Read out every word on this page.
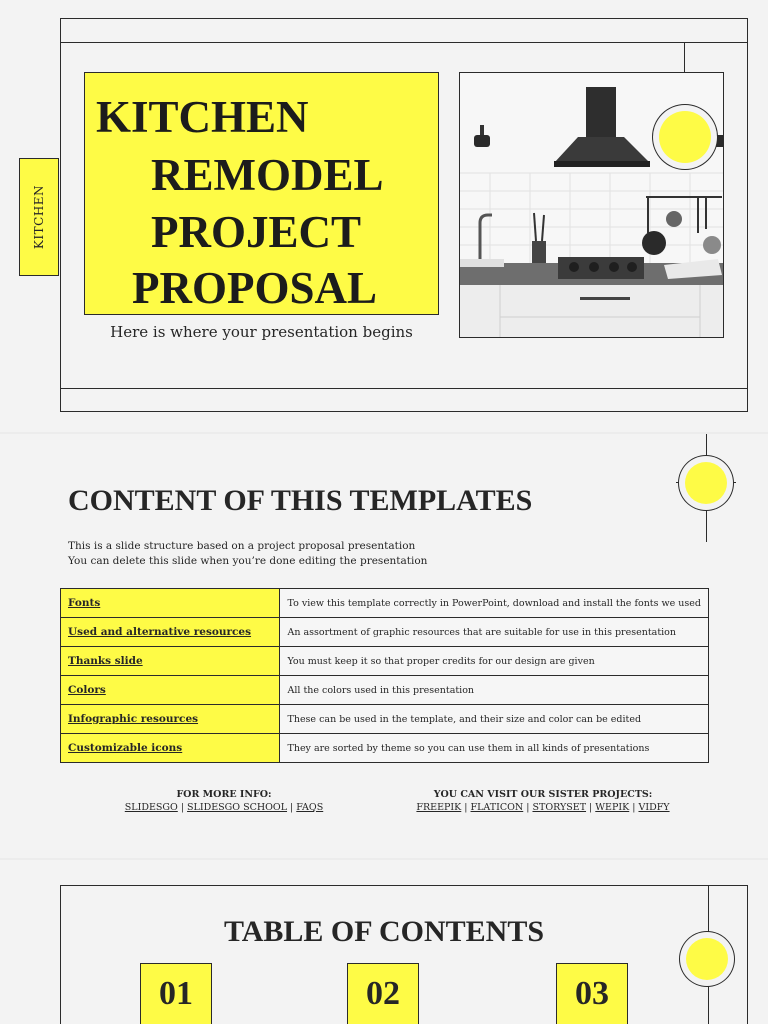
KITCHEN
KITCHEN
REMODEL
PROJECT
PROPOSAL
Here is where your presentation begins
CONTENT OF THIS TEMPLATES
This is a slide structure based on a project proposal presentation
You can delete this slide when you’re done editing the presentation
Fonts	To view this template correctly in PowerPoint, download and install the fonts we used
Used and alternative resources	An assortment of graphic resources that are suitable for use in this presentation
Thanks slide	You must keep it so that proper credits for our design are given
Colors	All the colors used in this presentation
Infographic resources	These can be used in the template, and their size and color can be edited
Customizable icons	They are sorted by theme so you can use them in all kinds of presentations
FOR MORE INFO:
SLIDESGO | SLIDESGO SCHOOL | FAQS
YOU CAN VISIT OUR SISTER PROJECTS:
FREEPIK | FLATICON | STORYSET | WEPIK | VIDFY
TABLE OF CONTENTS
01	02	03
